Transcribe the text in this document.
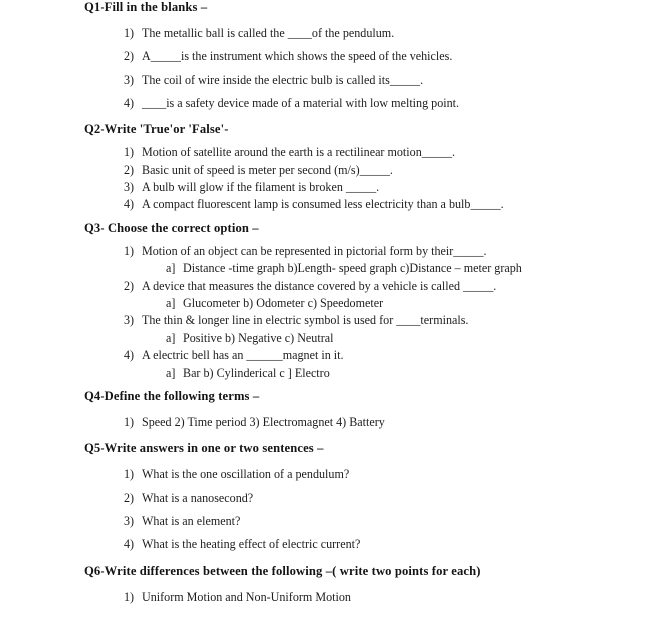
Q1-Fill in the blanks –
1) The metallic ball is called the ____of the pendulum.
2) A_____is the instrument which shows the speed of the vehicles.
3) The coil of wire inside the electric bulb is called its_____.
4) ____is a safety device made of a material with low melting point.
Q2-Write 'True'or 'False'-
1) Motion of satellite around the earth is a rectilinear motion_____.
2) Basic unit of speed is meter per second (m/s)_____.
3) A bulb will glow if the filament is broken _____.
4) A compact fluorescent lamp is consumed less electricity than a bulb_____.
Q3- Choose the correct option –
1) Motion of an object can be represented in pictorial form by their_____.
a] Distance -time graph b)Length- speed graph c)Distance – meter graph
2) A device that measures the distance covered by a vehicle is called _____.
a] Glucometer b) Odometer c) Speedometer
3) The thin & longer line in electric symbol is used for ____terminals.
a] Positive b) Negative c) Neutral
4) A electric bell has an ______magnet in it.
a] Bar b) Cylinderical c ] Electro
Q4-Define the following terms –
1) Speed 2) Time period 3) Electromagnet 4) Battery
Q5-Write answers in one or two sentences –
1) What is the one oscillation of a pendulum?
2) What is a nanosecond?
3) What is an element?
4) What is the heating effect of electric current?
Q6-Write differences between the following –( write two points for each)
1) Uniform Motion and Non-Uniform Motion
